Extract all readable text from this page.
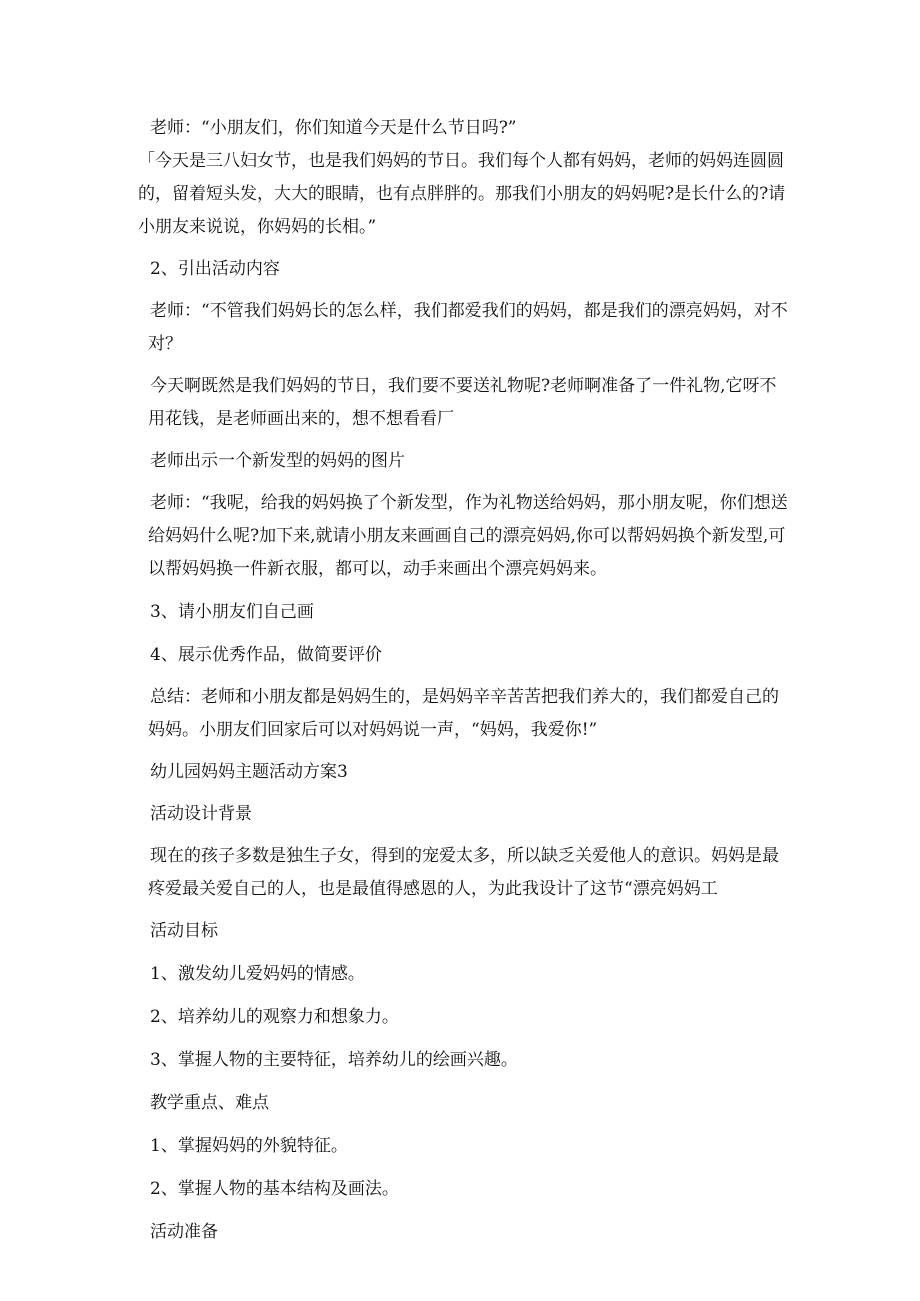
老师：“小朋友们，你们知道今天是什么节日吗?”

「今天是三八妇女节，也是我们妈妈的节日。我们每个人都有妈妈，老师的妈妈连圆圆的，留着短头发，大大的眼睛，也有点胖胖的。那我们小朋友的妈妈呢?是长什么的?请小朋友来说说，你妈妈的长相。”

2、引出活动内容

老师：“不管我们妈妈长的怎么样，我们都爱我们的妈妈，都是我们的漂亮妈妈，对不对？

今天啊既然是我们妈妈的节日，我们要不要送礼物呢?老师啊准备了一件礼物,它呀不用花钱，是老师画出来的，想不想看看厂

老师出示一个新发型的妈妈的图片

老师：“我呢，给我的妈妈换了个新发型，作为礼物送给妈妈，那小朋友呢，你们想送给妈妈什么呢?加下来,就请小朋友来画画自己的漂亮妈妈,你可以帮妈妈换个新发型,可以帮妈妈换一件新衣服，都可以，动手来画出个漂亮妈妈来。

3、请小朋友们自己画

4、展示优秀作品，做简要评价

总结：老师和小朋友都是妈妈生的，是妈妈辛辛苦苦把我们养大的，我们都爱自己的妈妈。小朋友们回家后可以对妈妈说一声，“妈妈，我爱你!”

幼儿园妈妈主题活动方案3

活动设计背景

现在的孩子多数是独生子女，得到的宠爱太多，所以缺乏关爱他人的意识。妈妈是最疼爱最关爱自己的人，也是最值得感恩的人，为此我设计了这节“漂亮妈妈工

活动目标

1、激发幼儿爱妈妈的情感。

2、培养幼儿的观察力和想象力。

3、掌握人物的主要特征，培养幼儿的绘画兴趣。

教学重点、难点

1、掌握妈妈的外貌特征。

2、掌握人物的基本结构及画法。

活动准备
